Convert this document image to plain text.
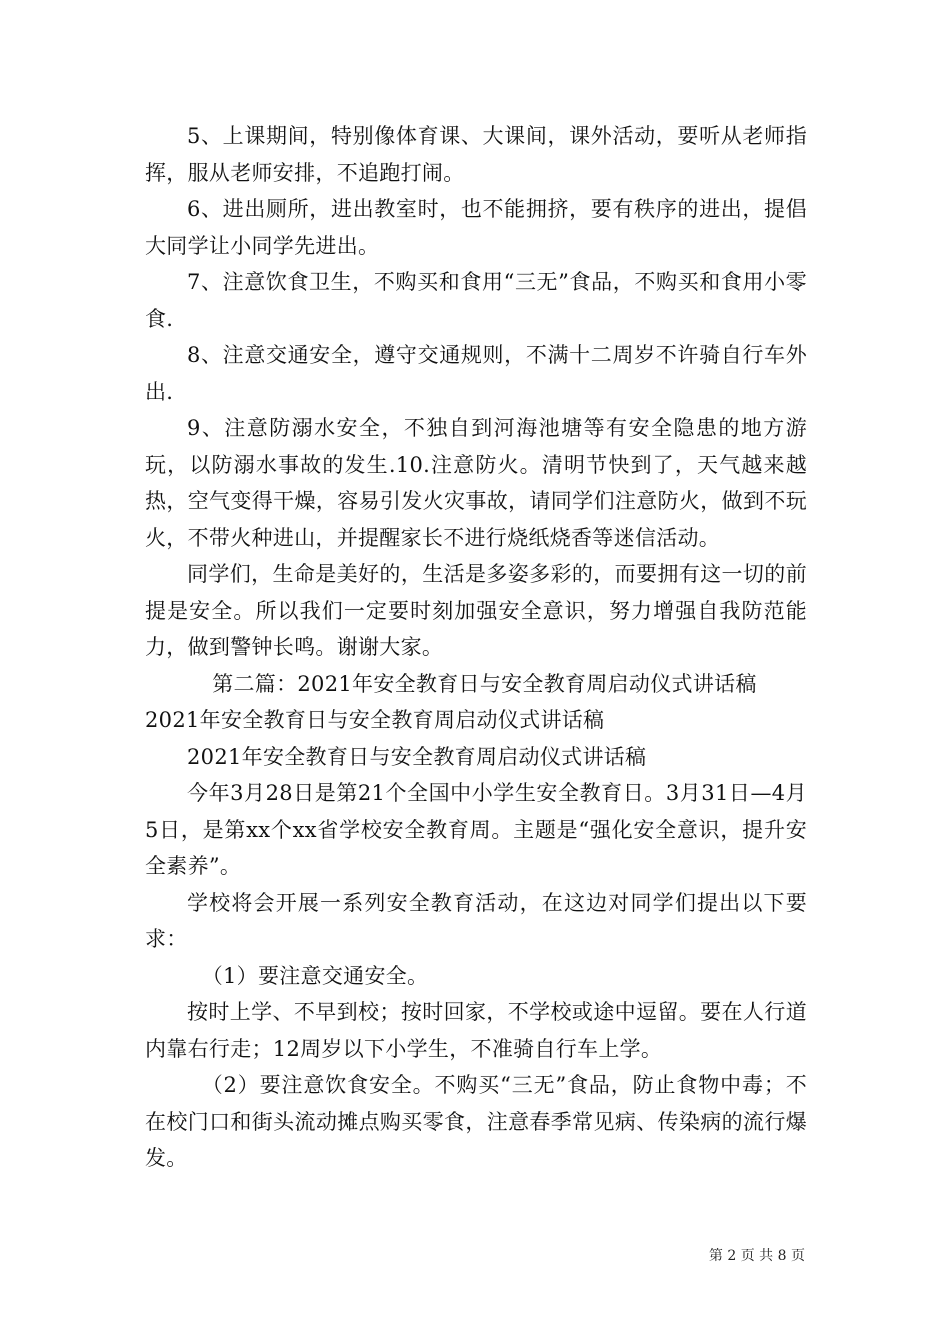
5、上课期间，特别像体育课、大课间，课外活动，要听从老师指挥，服从老师安排，不追跑打闹。

6、进出厕所，进出教室时，也不能拥挤，要有秩序的进出，提倡大同学让小同学先进出。

7、注意饮食卫生，不购买和食用“三无”食品，不购买和食用小零食.

8、注意交通安全，遵守交通规则，不满十二周岁不许骑自行车外出.

9、注意防溺水安全，不独自到河海池塘等有安全隐患的地方游玩，以防溺水事故的发生.10.注意防火。清明节快到了，天气越来越热，空气变得干燥，容易引发火灾事故，请同学们注意防火，做到不玩火，不带火种进山，并提醒家长不进行烧纸烧香等迷信活动。

同学们，生命是美好的，生活是多姿多彩的，而要拥有这一切的前提是安全。所以我们一定要时刻加强安全意识，努力增强自我防范能力，做到警钟长鸣。谢谢大家。

第二篇：2021年安全教育日与安全教育周启动仪式讲话稿

2021年安全教育日与安全教育周启动仪式讲话稿

2021年安全教育日与安全教育周启动仪式讲话稿

今年3月28日是第21个全国中小学生安全教育日。3月31日—4月5日，是第xx个xx省学校安全教育周。主题是“强化安全意识，提升安全素养”。

学校将会开展一系列安全教育活动，在这边对同学们提出以下要求：

（1）要注意交通安全。

按时上学、不早到校；按时回家，不学校或途中逗留。要在人行道内靠右行走；12周岁以下小学生，不准骑自行车上学。

（2）要注意饮食安全。不购买“三无”食品，防止食物中毒；不在校门口和街头流动摊点购买零食，注意春季常见病、传染病的流行爆发。

第 2 页 共 8 页
